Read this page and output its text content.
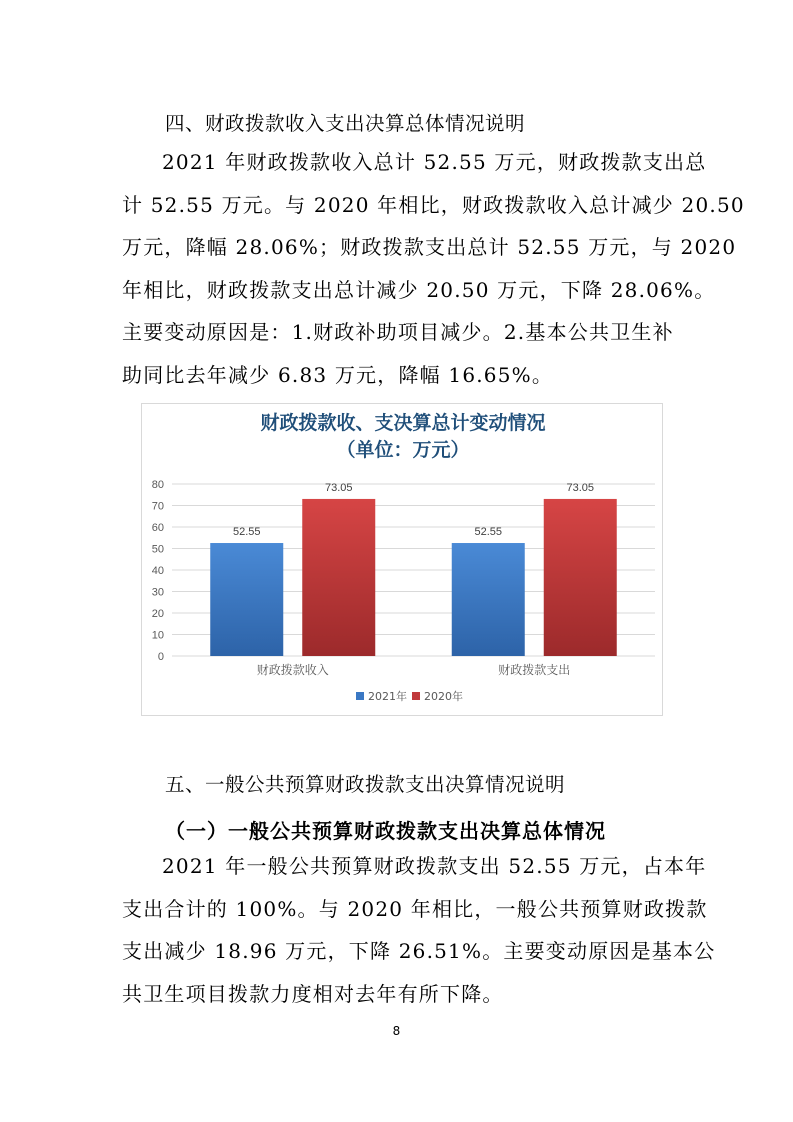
四、财政拨款收入支出决算总体情况说明
2021 年财政拨款收入总计 52.55 万元，财政拨款支出总
计 52.55 万元。与 2020 年相比，财政拨款收入总计减少 20.50
万元，降幅 28.06%；财政拨款支出总计 52.55 万元，与 2020
年相比，财政拨款支出总计减少 20.50 万元，下降 28.06%。
主要变动原因是：1.财政补助项目减少。2.基本公共卫生补
助同比去年减少 6.83 万元，降幅 16.65%。
财政拨款收、支决算总计变动情况
（单位：万元）
0
10
20
30
40
50
60
70
80
52.55
73.05
财政拨款收入
52.55
73.05
财政拨款支出
2021年 2020年
五、一般公共预算财政拨款支出决算情况说明
（一）一般公共预算财政拨款支出决算总体情况
2021 年一般公共预算财政拨款支出 52.55 万元，占本年
支出合计的 100%。与 2020 年相比，一般公共预算财政拨款
支出减少 18.96 万元，下降 26.51%。主要变动原因是基本公
共卫生项目拨款力度相对去年有所下降。
8
